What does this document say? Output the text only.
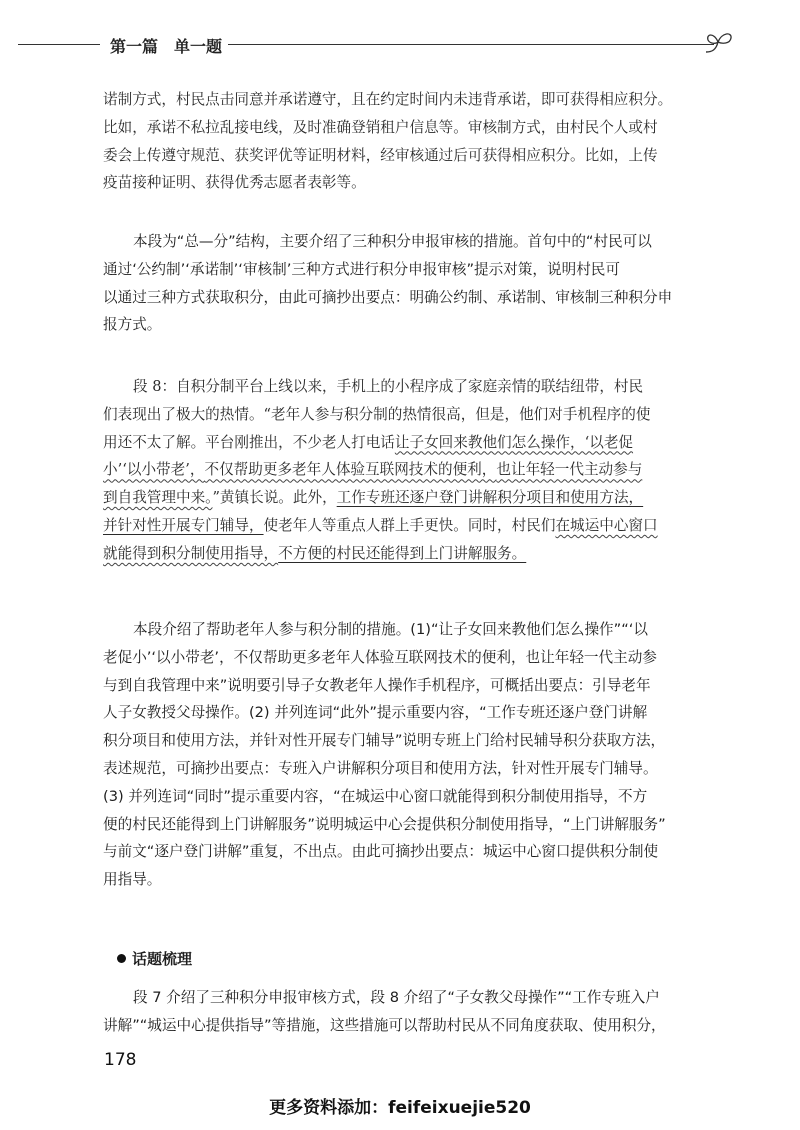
第一篇　单一题
诺制方式，村民点击同意并承诺遵守，且在约定时间内未违背承诺，即可获得相应积分。
比如，承诺不私拉乱接电线，及时准确登销租户信息等。审核制方式，由村民个人或村
委会上传遵守规范、获奖评优等证明材料，经审核通过后可获得相应积分。比如，上传
疫苗接种证明、获得优秀志愿者表彰等。
本段为“总—分”结构，主要介绍了三种积分申报审核的措施。首句中的“村民可以
通过‘公约制’‘承诺制’‘审核制’三种方式进行积分申报审核”提示对策，说明村民可
以通过三种方式获取积分，由此可摘抄出要点：明确公约制、承诺制、审核制三种积分申
报方式。
段 8：自积分制平台上线以来，手机上的小程序成了家庭亲情的联结纽带，村民
们表现出了极大的热情。“老年人参与积分制的热情很高，但是，他们对手机程序的使
用还不太了解。平台刚推出，不少老人打电话让子女回来教他们怎么操作，‘以老促
小’‘以小带老’，不仅帮助更多老年人体验互联网技术的便利，也让年轻一代主动参与
到自我管理中来。”黄镇长说。此外，工作专班还逐户登门讲解积分项目和使用方法，
并针对性开展专门辅导，使老年人等重点人群上手更快。同时，村民们在城运中心窗口
就能得到积分制使用指导，不方便的村民还能得到上门讲解服务。
本段介绍了帮助老年人参与积分制的措施。(1)“让子女回来教他们怎么操作”“‘以
老促小’‘以小带老’，不仅帮助更多老年人体验互联网技术的便利，也让年轻一代主动参
与到自我管理中来”说明要引导子女教老年人操作手机程序，可概括出要点：引导老年
人子女教授父母操作。(2) 并列连词“此外”提示重要内容，“工作专班还逐户登门讲解
积分项目和使用方法，并针对性开展专门辅导”说明专班上门给村民辅导积分获取方法，
表述规范，可摘抄出要点：专班入户讲解积分项目和使用方法，针对性开展专门辅导。
(3) 并列连词“同时”提示重要内容，“在城运中心窗口就能得到积分制使用指导，不方
便的村民还能得到上门讲解服务”说明城运中心会提供积分制使用指导，“上门讲解服务”
与前文“逐户登门讲解”重复，不出点。由此可摘抄出要点：城运中心窗口提供积分制使
用指导。
话题梳理
段 7 介绍了三种积分申报审核方式，段 8 介绍了“子女教父母操作”“工作专班入户
讲解”“城运中心提供指导”等措施，这些措施可以帮助村民从不同角度获取、使用积分，
178
更多资料添加：feifeixuejie520
